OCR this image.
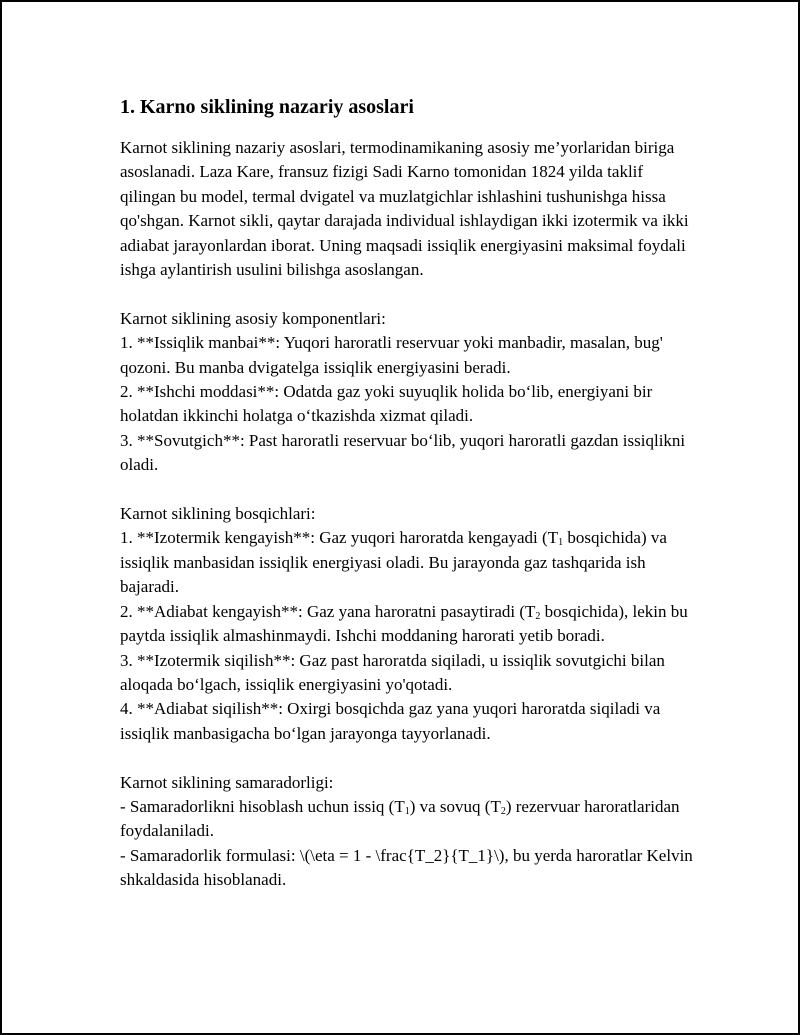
1. Karno siklining nazariy asoslari

Karnot siklining nazariy asoslari, termodinamikaning asosiy me’yorlaridan biriga asoslanadi. Laza Kare, fransuz fizigi Sadi Karno tomonidan 1824 yilda taklif qilingan bu model, termal dvigatel va muzlatgichlar ishlashini tushunishga hissa qo'shgan. Karnot sikli, qaytar darajada individual ishlaydigan ikki izotermik va ikki adiabat jarayonlardan iborat. Uning maqsadi issiqlik energiyasini maksimal foydali ishga aylantirish usulini bilishga asoslangan.

Karnot siklining asosiy komponentlari:

1. **Issiqlik manbai**: Yuqori haroratli reservuar yoki manbadir, masalan, bug' qozoni. Bu manba dvigatelga issiqlik energiyasini beradi.

2. **Ishchi moddasi**: Odatda gaz yoki suyuqlik holida bo‘lib, energiyani bir holatdan ikkinchi holatga o‘tkazishda xizmat qiladi.

3. **Sovutgich**: Past haroratli reservuar bo‘lib, yuqori haroratli gazdan issiqlikni oladi.

Karnot siklining bosqichlari:

1. **Izotermik kengayish**: Gaz yuqori haroratda kengayadi ($T_1$ bosqichida) va issiqlik manbasidan issiqlik energiyasi oladi. Bu jarayonda gaz tashqarida ish bajaradi.

2. **Adiabat kengayish**: Gaz yana haroratni pasaytiradi ($T_2$ bosqichida), lekin bu paytda issiqlik almashinmaydi. Ishchi moddaning harorati yetib boradi.

3. **Izotermik siqilish**: Gaz past haroratda siqiladi, u issiqlik sovutgichi bilan aloqada bo‘lgach, issiqlik energiyasini yo'qotadi.

4. **Adiabat siqilish**: Oxirgi bosqichda gaz yana yuqori haroratda siqiladi va issiqlik manbasigacha bo‘lgan jarayonga tayyorlanadi.

Karnot siklining samaradorligi:

- Samaradorlikni hisoblash uchun issiq $(T_1)$ va sovuq $(T_2)$ rezervuar haroratlaridan foydalaniladi.

- Samaradorlik formulasi: \(\eta = 1 - \frac{T_2}{T_1}\), bu yerda haroratlar Kelvin shkaldasida hisoblanadi.
